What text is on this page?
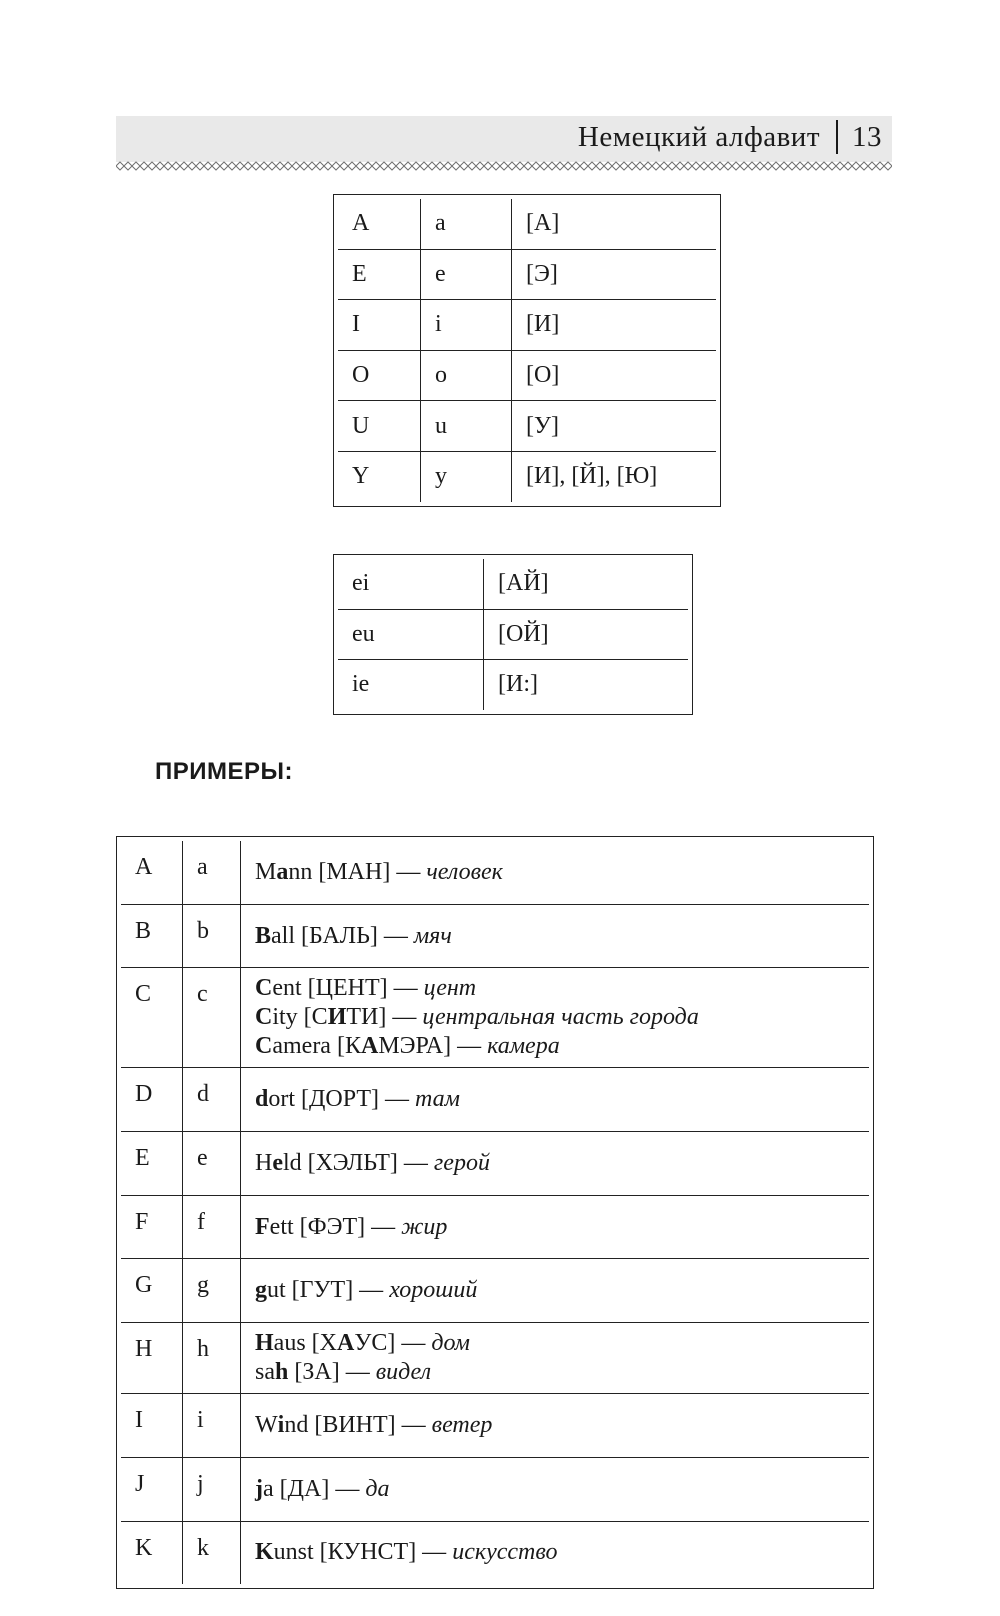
Немецкий алфавит 13
A	a	[А]
E	e	[Э]
I	i	[И]
O	o	[О]
U	u	[У]
Y	y	[И], [Й], [Ю]
ei	[АЙ]
eu	[ОЙ]
ie	[И:]
ПРИМЕРЫ:
A	a	Mann [МАН] — человек

B	b	Ball [БАЛЬ] — мяч

C	c	Cent [ЦЕНТ] — цент
City [СИТИ] — центральная часть города
Camera [КАМЭРА] — камера

D	d	dort [ДОРТ] — там

E	e	Held [ХЭЛЬТ] — герой

F	f	Fett [ФЭТ] — жир

G	g	gut [ГУТ] — хороший

H	h	Haus [ХАУС] — дом
sah [ЗА] — видел

I	i	Wind [ВИНТ] — ветер

J	j	ja [ДА] — да

K	k	Kunst [КУНСТ] — искусство
